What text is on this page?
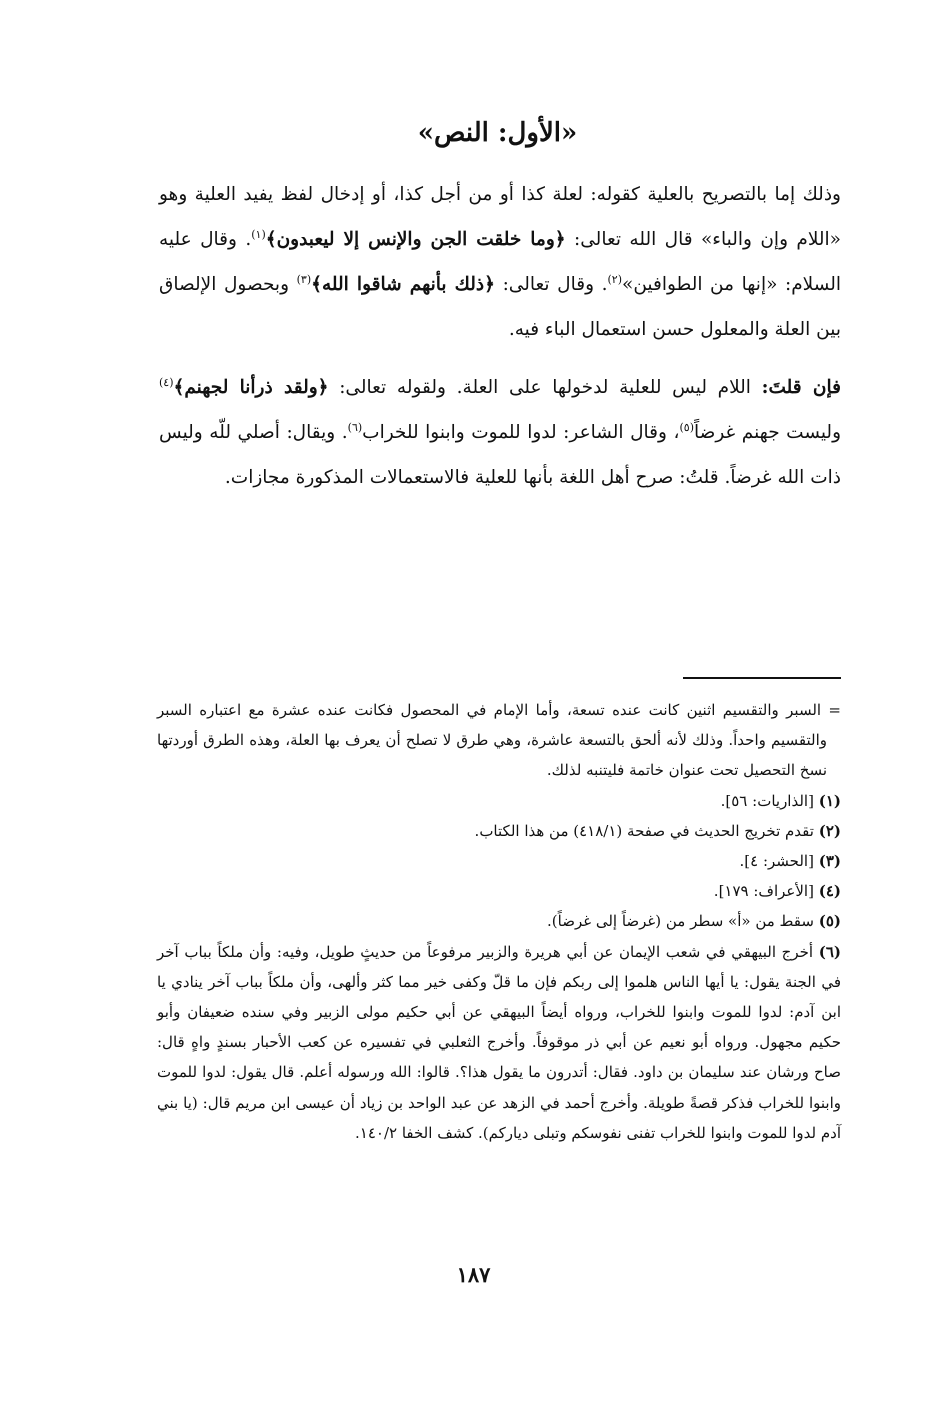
«الأول: النص»

وذلك إما بالتصريح بالعلية كقوله: لعلة كذا أو من أجل كذا، أو إدخال لفظ يفيد العلية وهو «اللام وإن والباء» قال الله تعالى: ﴿وما خلقت الجن والإنس إلا ليعبدون﴾$^{(١)}$. وقال عليه السلام: «إنها من الطوافين»$^{(٢)}$. وقال تعالى: ﴿ذلك بأنهم شاقوا الله﴾$^{(٣)}$ وبحصول الإلصاق بين العلة والمعلول حسن استعمال الباء فيه.

فإن قلتَ: اللام ليس للعلية لدخولها على العلة. ولقوله تعالى: ﴿ولقد ذرأنا لجهنم﴾$^{(٤)}$ وليست جهنم غرضاً$^{(٥)}$، وقال الشاعر: لدوا للموت وابنوا للخراب$^{(٦)}$. ويقال: أصلي للّه وليس ذات الله غرضاً. قلتُ: صرح أهل اللغة بأنها للعلية فالاستعمالات المذكورة مجازات.

= السبر والتقسيم اثنين كانت عنده تسعة، وأما الإمام في المحصول فكانت عنده عشرة مع اعتباره السبر والتقسيم واحداً. وذلك لأنه ألحق بالتسعة عاشرة، وهي طرق لا تصلح أن يعرف بها العلة، وهذه الطرق أوردتها نسخ التحصيل تحت عنوان خاتمة فليتنبه لذلك.

(١) [الذاريات: ٥٦].

(٢) تقدم تخريج الحديث في صفحة (٤١٨/١) من هذا الكتاب.

(٣) [الحشر: ٤].

(٤) [الأعراف: ١٧٩].

(٥) سقط من «أ» سطر من (غرضاً إلى غرضاً).

(٦) أخرج البيهقي في شعب الإيمان عن أبي هريرة والزبير مرفوعاً من حديثٍ طويل، وفيه: وأن ملكاً بباب آخر في الجنة يقول: يا أيها الناس هلموا إلى ربكم فإن ما قلّ وكفى خير مما كثر وألهى، وأن ملكاً بباب آخر ينادي يا ابن آدم: لدوا للموت وابنوا للخراب، ورواه أيضاً البيهقي عن أبي حكيم مولى الزبير وفي سنده ضعيفان وأبو حكيم مجهول. ورواه أبو نعيم عن أبي ذر موقوفاً. وأخرج الثعلبي في تفسيره عن كعب الأحبار بسندٍ واهٍ قال: صاح ورشان عند سليمان بن داود. فقال: أتدرون ما يقول هذا؟. قالوا: الله ورسوله أعلم. قال يقول: لدوا للموت وابنوا للخراب فذكر قصةً طويلة. وأخرج أحمد في الزهد عن عبد الواحد بن زياد أن عيسى ابن مريم قال: (يا بني آدم لدوا للموت وابنوا للخراب تفنى نفوسكم وتبلى دياركم). كشف الخفا ١٤٠/٢.

١٨٧
